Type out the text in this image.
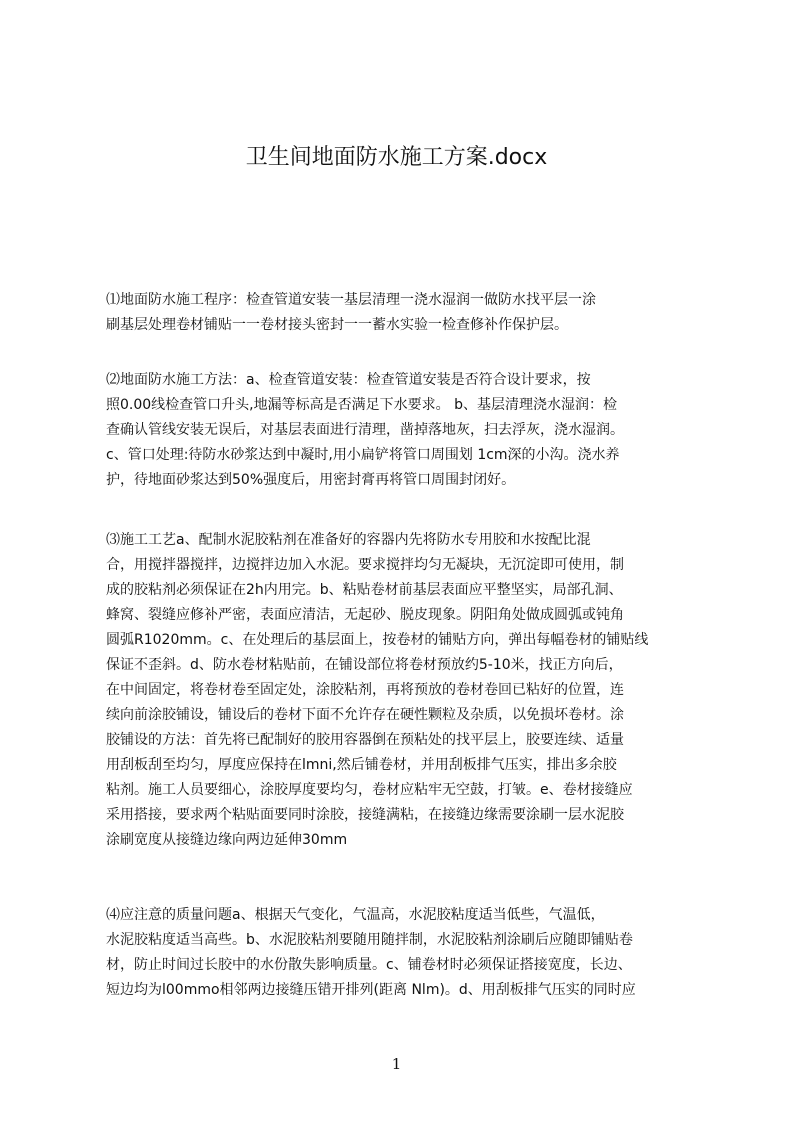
卫生间地面防水施工方案.docx
⑴地面防水施工程序：检查管道安装一基层清理一浇水湿润一做防水找平层一涂
刷基层处理卷材铺贴一一卷材接头密封一一蓄水实验一检查修补作保护层。
⑵地面防水施工方法：a、检查管道安装：检查管道安装是否符合设计要求，按
照0.00线检查管口升头,地漏等标高是否满足下水要求。 b、基层清理浇水湿润：检
查确认管线安装无误后，对基层表面进行清理，凿掉落地灰，扫去浮灰，浇水湿润。
c、管口处理:待防水砂浆达到中凝时,用小扁铲将管口周围划 1cm深的小沟。浇水养
护，待地面砂浆达到50%强度后，用密封膏再将管口周围封闭好。
⑶施工工艺a、配制水泥胶粘剂在准备好的容器内先将防水专用胶和水按配比混
合，用搅拌器搅拌，边搅拌边加入水泥。要求搅拌均匀无凝块，无沉淀即可使用，制
成的胶粘剂必须保证在2h内用完。b、粘贴卷材前基层表面应平整坚实，局部孔洞、
蜂窝、裂缝应修补严密，表面应清洁，无起砂、脱皮现象。阴阳角处做成圆弧或钝角
圆弧R1020mm。c、在处理后的基层面上，按卷材的铺贴方向，弹出每幅卷材的铺贴线
保证不歪斜。d、防水卷材粘贴前，在铺设部位将卷材预放约5-10米，找正方向后，
在中间固定，将卷材卷至固定处，涂胶粘剂，再将预放的卷材卷回已粘好的位置，连
续向前涂胶铺设，铺设后的卷材下面不允许存在硬性颗粒及杂质，以免损坏卷材。涂
胶铺设的方法：首先将已配制好的胶用容器倒在预粘处的找平层上，胶要连续、适量
用刮板刮至均匀，厚度应保持在lmni,然后铺卷材，并用刮板排气压实，排出多余胶
粘剂。施工人员要细心，涂胶厚度要均匀，卷材应粘牢无空鼓，打皱。e、卷材接缝应
采用搭接，要求两个粘贴面要同时涂胶，接缝满粘，在接缝边缘需要涂刷一层水泥胶
涂刷宽度从接缝边缘向两边延伸30mm
⑷应注意的质量问题a、根据天气变化，气温高，水泥胶粘度适当低些，气温低，
水泥胶粘度适当高些。b、水泥胶粘剂要随用随拌制，水泥胶粘剂涂刷后应随即铺贴卷
材，防止时间过长胶中的水份散失影响质量。c、铺卷材时必须保证搭接宽度，长边、
短边均为l00mmo相邻两边接缝压错开排列(距离 Nlm)。d、用刮板排气压实的同时应
1
